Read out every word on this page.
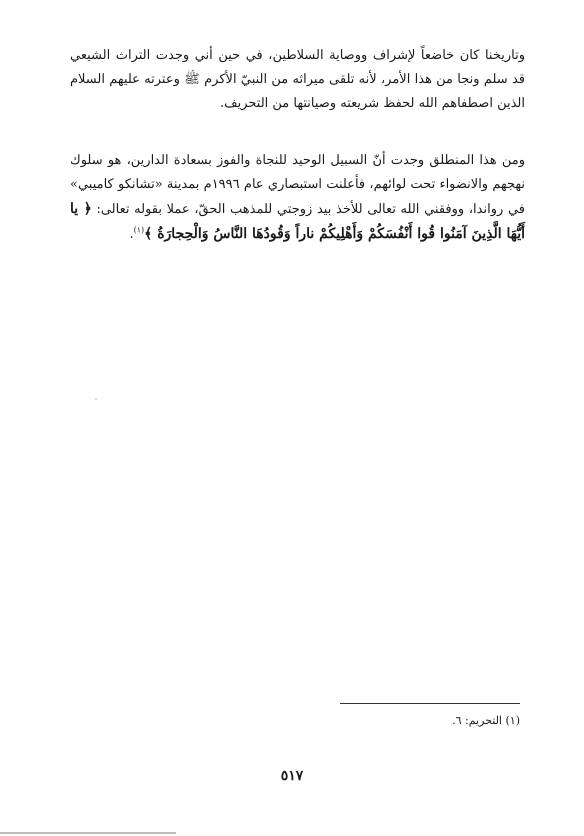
وتاريخنا كان خاضعاً لإشراف ووصاية السلاطين، في حين أني وجدت التراث الشيعي قد سلم ونجا من هذا الأمر، لأنه تلقى ميراثه من النبيّ الأكرم ﷺ وعترته عليهم السلام الذين اصطفاهم الله لحفظ شريعته وصيانتها من التحريف.

ومن هذا المنطلق وجدت أنّ السبيل الوحيد للنجاة والفوز بسعادة الدارين، هو سلوك نهجهم والانضواء تحت لوائهم، فأعلنت استبصاري عام ١٩٩٦م بمدينة «تشانكو كاميبي» في رواندا، ووفقني الله تعالى للأخذ بيد زوجتي للمذهب الحقّ، عملا بقوله تعالى: ﴿ يا أَيُّهَا الَّذِينَ آمَنُوا قُوا أَنْفُسَكُمْ وَأَهْلِيكُمْ ناراً وَقُودُهَا النَّاسُ وَالْحِجارَةُ ﴾$^{(١)}$.

(١) التحريم: ٦.
٥١٧
